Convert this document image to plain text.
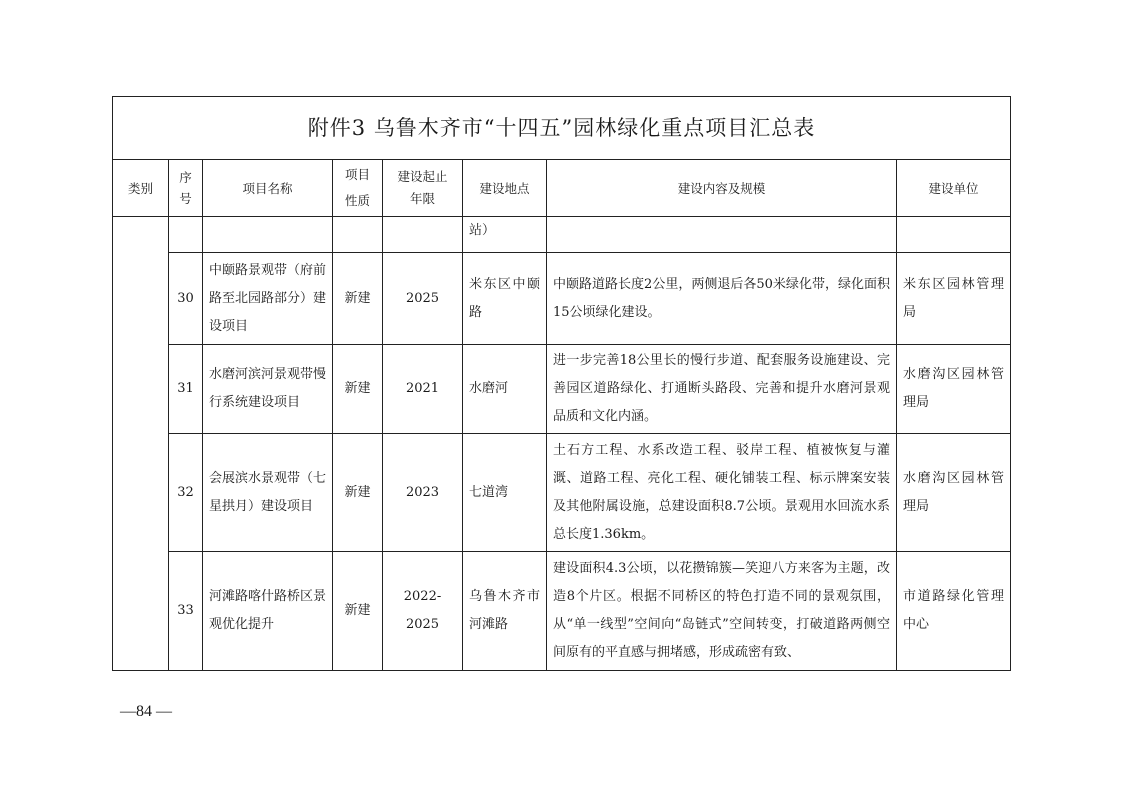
附件3 乌鲁木齐市“十四五”园林绿化重点项目汇总表							
类别	序号	项目名称	项目性质	建设起止年限	建设地点	建设内容及规模	建设单位
					站）		
	30	中颐路景观带（府前路至北园路部分）建设项目	新建	2025	米东区中颐路	中颐路道路长度2公里，两侧退后各50米绿化带，绿化面积15公顷绿化建设。	米东区园林管理局
	31	水磨河滨河景观带慢行系统建设项目	新建	2021	水磨河	进一步完善18公里长的慢行步道、配套服务设施建设、完善园区道路绿化、打通断头路段、完善和提升水磨河景观品质和文化内涵。	水磨沟区园林管理局
	32	会展滨水景观带（七星拱月）建设项目	新建	2023	七道湾	土石方工程、水系改造工程、驳岸工程、植被恢复与灌溉、道路工程、亮化工程、硬化铺装工程、标示牌案安装及其他附属设施，总建设面积8.7公顷。景观用水回流水系总长度1.36km。	水磨沟区园林管理局
	33	河滩路喀什路桥区景观优化提升	新建	2022-2025	乌鲁木齐市河滩路	建设面积4.3公顷，以花攒锦簇—笑迎八方来客为主题，改造8个片区。根据不同桥区的特色打造不同的景观氛围，从“单一线型”空间向“岛链式”空间转变，打破道路两侧空间原有的平直感与拥堵感，形成疏密有致、	市道路绿化管理中心
—84 —
